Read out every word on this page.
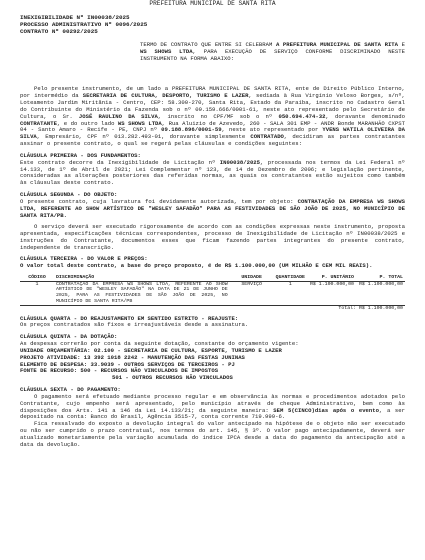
PREFEITURA MUNICIPAL DE SANTA RITA
INEXIGIBILIDADE Nº IN00038/2025
PROCESSO ADMINISTRATIVO Nº 0096/2025
CONTRATO Nº 00292/2025
TERMO DE CONTRATO QUE ENTRE SI CELEBRAM A PREFEITURA MUNICIPAL DE SANTA RITA E WS SHOWS LTDA, PARA EXECUÇÃO DE SERVIÇO CONFORME DISCRIMINADO NESTE INSTRUMENTO NA FORMA ABAIXO:

Pelo presente instrumento, de um lado a PREFEITURA MUNICIPAL DE SANTA RITA, ente de Direito Público Interno, por intermédio da SECRETARIA DE CULTURA, DESPORTO, TURISMO E LAZER, sediada à Rua Virgínio Veloso Borges, s/nº, Loteamento Jardim Miritânia - Centro, CEP: 58.300-270, Santa Rita, Estado da Paraíba, inscrito no Cadastro Geral do Contribuinte do Ministério da Fazenda sob o nº 09.159.666/0001-61, neste ato representado pelo Secretário de Cultura, o Sr. JOSÉ RAULINO DA SILVA, inscrito no CPF/MF sob o nº 050.694.474-32, doravante denominado CONTRATANTE, e do outro lado WS SHOWS LTDA, Rua Aluizio de Azevedo, 260 - SALA 301 EMP - ANDR Bonde MARANHÃO CXPST 04 - Santo Amaro - Recife - PE, CNPJ nº 09.188.896/0001-59, neste ato representado por YVENS WATILA OLIVEIRA DA SILVA, Empresário, CPF nº 013.282.493-01, doravante simplesmente CONTRATADO, decidiram as partes contratantes assinar o presente contrato, o qual se regerá pelas cláusulas e condições seguintes:

CLÁUSULA PRIMEIRA - DOS FUNDAMENTOS:

Este contrato decorre da Inexigibilidade de Licitação nº IN00038/2025, processada nos termos da Lei Federal nº 14.133, de 1º de Abril de 2021; Lei Complementar nº 123, de 14 de Dezembro de 2006; e legislação pertinente, consideradas as alterações posteriores das referidas normas, as quais os contratantes estão sujeitos como também às cláusulas deste contrato.

CLÁUSULA SEGUNDA - DO OBJETO:

O presente contrato, cuja lavratura foi devidamente autorizada, tem por objeto: CONTRATAÇÃO DA EMPRESA WS SHOWS LTDA, REFERENTE AO SHOW ARTÍSTICO DE "WESLEY SAFADÃO" PARA AS FESTIVIDADES DE SÃO JOÃO DE 2025, NO MUNICÍPIO DE SANTA RITA/PB.

O serviço deverá ser executado rigorosamente de acordo com as condições expressas neste instrumento, proposta apresentada, especificações técnicas correspondentes, processo de Inexigibilidade de Licitação nº IN00038/2025 e instruções do Contratante, documentos esses que ficam fazendo partes integrantes do presente contrato, independente de transcrição.

CLÁUSULA TERCEIRA - DO VALOR E PREÇOS:

O valor total deste contrato, a base do preço proposto, é de R$ 1.100.000,00 (UM MILHÃO E CEM MIL REAIS).

CÓDIGO	DISCRIMINAÇÃO	UNIDADE	QUANTIDADE	P. UNITÁRIO	P. TOTAL
1	CONTRATAÇÃO DA EMPRESA WS SHOWS LTDA, REFERENTE AO SHOW ARTÍSTICO DE "WESLEY SAFADÃO" NA DATA DE 21 DE JUNHO DE 2025, PARA AS FESTIVIDADES DE SÃO JOÃO DE 2025, NO MUNICÍPIO DE SANTA RITA/PB	SERVIÇO	1	R$ 1.100.000,00	R$ 1.100.000,00
Total: R$ 1.100.000,00					
CLÁUSULA QUARTA - DO REAJUSTAMENTO EM SENTIDO ESTRITO - REAJUSTE:

Os preços contratados são fixos e irreajustáveis desde a assinatura.

CLÁUSULA QUINTA - DA DOTAÇÃO:

As despesas correrão por conta da seguinte dotação, constante do orçamento vigente:

UNIDADE ORÇAMENTÁRIA: 02.100 - SECRETARIA DE CULTURA, ESPORTE, TURISMO E LAZER
PROJETO ATIVIDADE: 13 392 1018 2242 - MANUTENÇÃO DAS FESTAS JUNINAS
ELEMENTO DE DESPESA: 33.9039 - OUTROS SERVIÇOS DE TERCEIROS - PJ
FONTE DE RECURSO: 500 - RECURSOS NÃO VINCULADOS DE IMPOSTOS

501 - OUTROS RECURSOS NÃO VINCULADOS

CLÁUSULA SEXTA - DO PAGAMENTO:

O pagamento será efetuado mediante processo regular e em observância às normas e procedimentos adotados pelo Contratante, cujo empenho será apresentado, pelo município através de cheque Administrativo, bem como às disposições dos Arts. 141 a 146 da Lei 14.133/21; da seguinte maneira: SEM 5(CINCO)dias após o evento, a ser depositado na conta: Banco do Brasil, Agência 3515-7, conta corrente 719.999-6.

Fica ressalvado do exposto a devolução integral do valor antecipado na hipótese de o objeto não ser executado ou não ser cumprido o prazo contratual, nos termos do art. 145, § 3º. O valor pago antecipadamente, deverá ser atualizado monetariamente pela variação acumulada do índice IPCA desde a data do pagamento da antecipação até a data da devolução.
